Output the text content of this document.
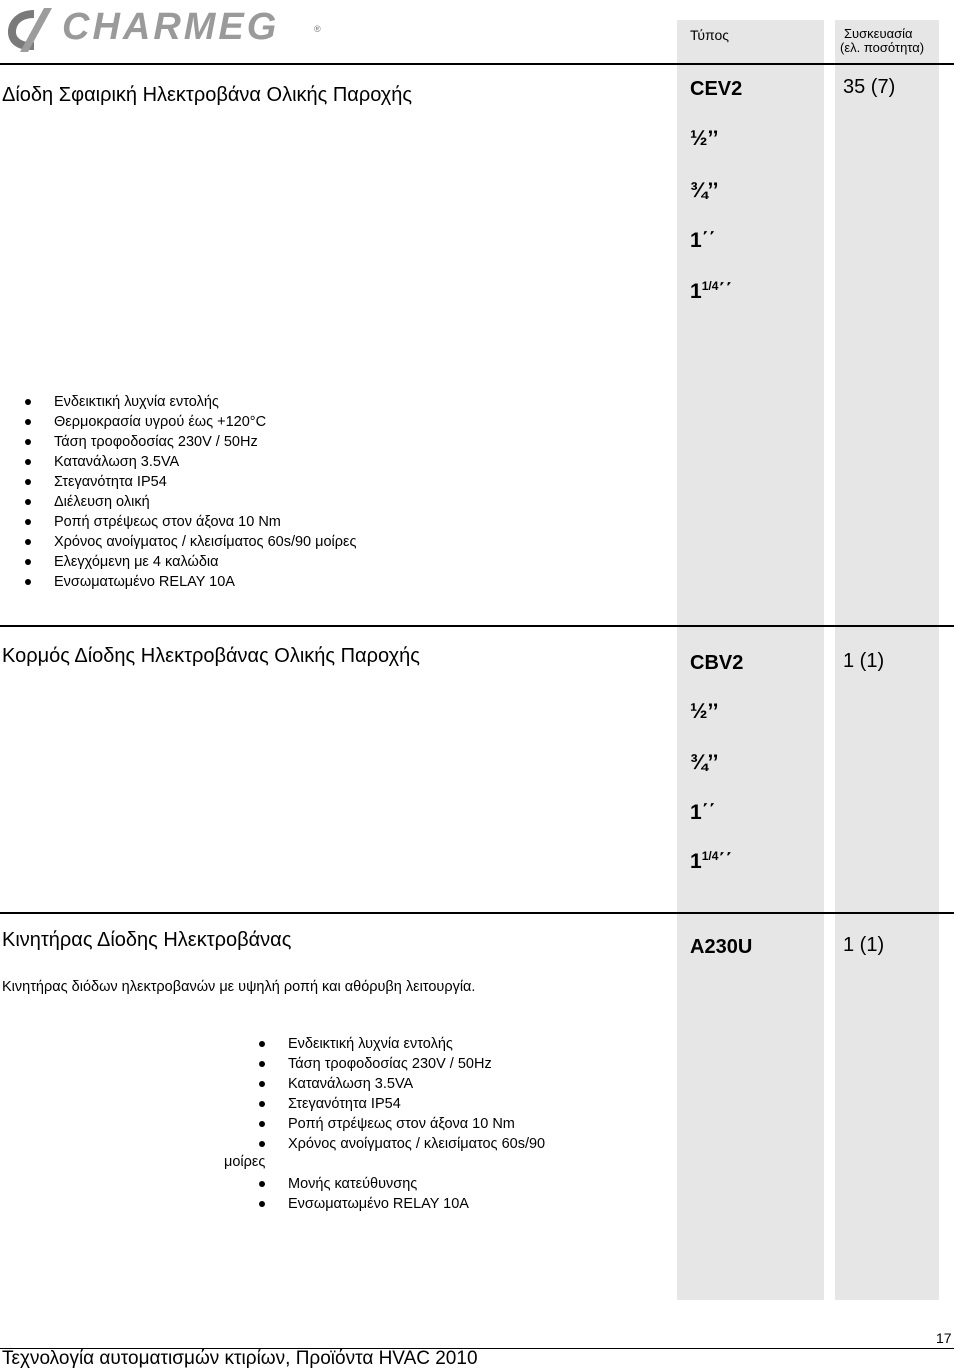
CHARMEG	®	Τύπος	Συσκευασία
(ελ. ποσότητα)
Δίοδη Σφαιρική Ηλεκτροβάνα Ολικής Παροχής	CEV2	35 (7)
½’’
¾’’
1΄΄
$1^{1/4}΄΄$
Ενδεικτική λυχνία εντολής
Θερμοκρασία υγρού έως +120°C
Τάση τροφοδοσίας 230V / 50Hz
Κατανάλωση 3.5VA
Στεγανότητα IP54
Διέλευση ολική
Ροπή στρέψεως στον άξονα 10 Nm
Χρόνος ανοίγματος / κλεισίματος 60s/90 μοίρες
Ελεγχόμενη με 4 καλώδια
Ενσωματωμένο RELAY 10A
Κορμός Δίοδης Ηλεκτροβάνας Ολικής Παροχής	CBV2	1 (1)
½’’
¾’’
1΄΄
$1^{1/4}΄΄$
Κινητήρας Δίοδης Ηλεκτροβάνας	A230U	1 (1)
Κινητήρας διόδων ηλεκτροβανών με υψηλή ροπή και αθόρυβη λειτουργία.
Ενδεικτική λυχνία εντολής
Τάση τροφοδοσίας 230V / 50Hz
Κατανάλωση 3.5VA
Στεγανότητα IP54
Ροπή στρέψεως στον άξονα 10 Nm
Χρόνος ανοίγματος / κλεισίματος 60s/90
Μονής κατεύθυνσης
Ενσωματωμένο RELAY 10A
μοίρες
17
Τεχνολογία αυτοματισμών κτιρίων, Προϊόντα HVAC 2010
